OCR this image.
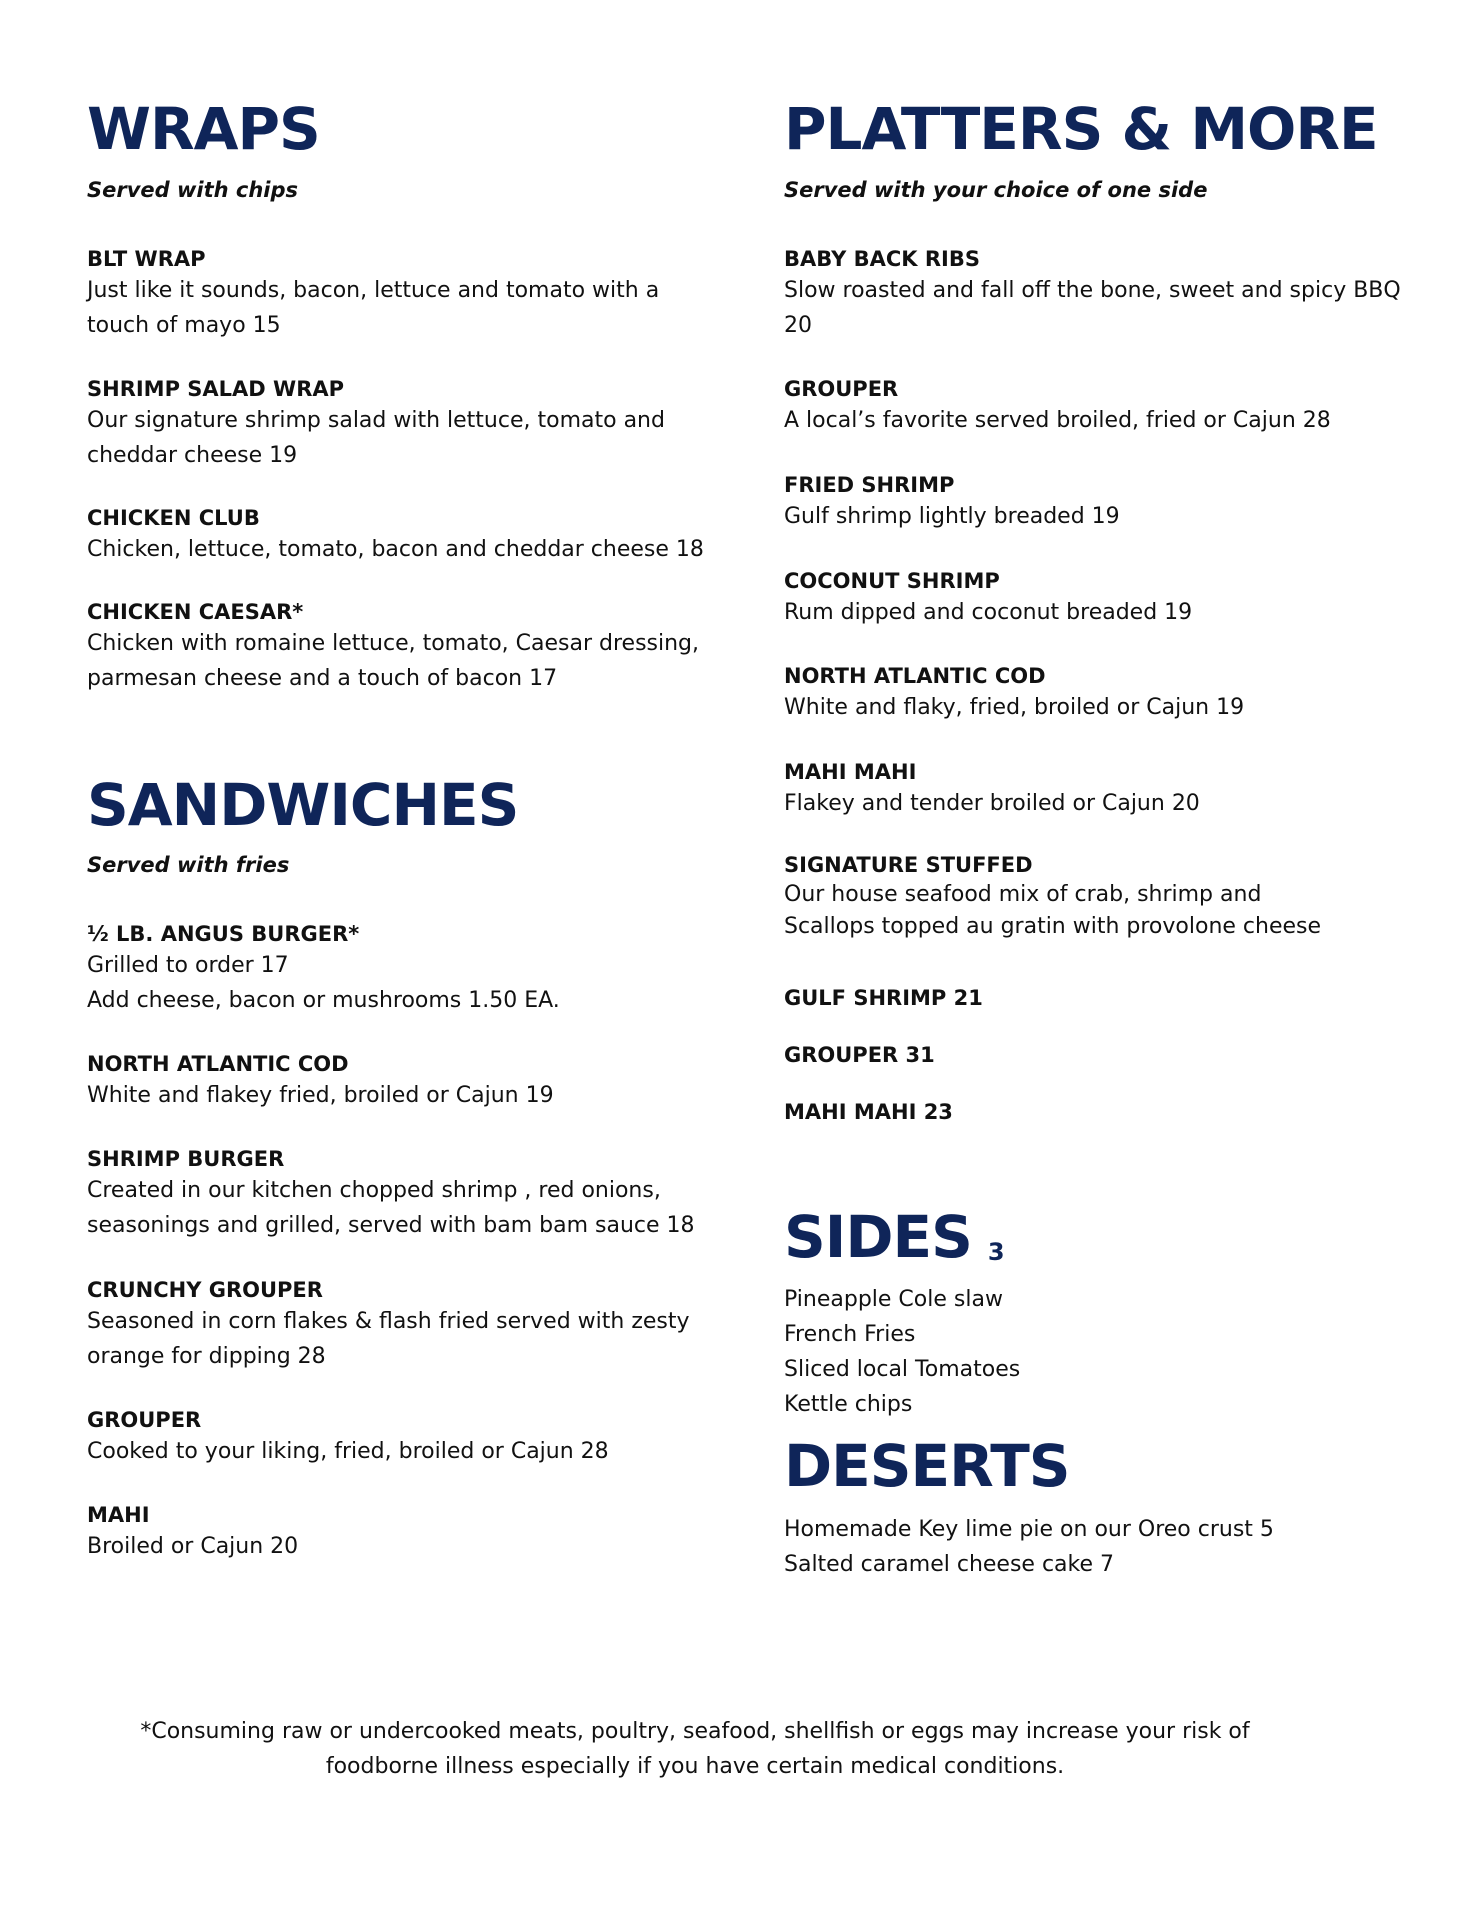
WRAPS

Served with chips

BLT WRAP

Just like it sounds, bacon, lettuce and tomato with a touch of mayo 15

SHRIMP SALAD WRAP

Our signature shrimp salad with lettuce, tomato and cheddar cheese 19

CHICKEN CLUB

Chicken, lettuce, tomato, bacon and cheddar cheese 18

CHICKEN CAESAR*

Chicken with romaine lettuce, tomato, Caesar dressing, parmesan cheese and a touch of bacon 17

SANDWICHES

Served with fries

½ LB. ANGUS BURGER*

Grilled to order 17

Add cheese, bacon or mushrooms 1.50 EA.

NORTH ATLANTIC COD

White and flakey fried, broiled or Cajun 19

SHRIMP BURGER

Created in our kitchen chopped shrimp , red onions, seasonings and grilled, served with bam bam sauce 18

CRUNCHY GROUPER

Seasoned in corn flakes & flash fried served with zesty orange for dipping 28

GROUPER

Cooked to your liking, fried, broiled or Cajun 28

MAHI

Broiled or Cajun 20

PLATTERS & MORE

Served with your choice of one side

BABY BACK RIBS

Slow roasted and fall off the bone, sweet and spicy BBQ

20

GROUPER

A local’s favorite served broiled, fried or Cajun 28

FRIED SHRIMP

Gulf shrimp lightly breaded 19

COCONUT SHRIMP

Rum dipped and coconut breaded 19

NORTH ATLANTIC COD

White and flaky, fried, broiled or Cajun 19

MAHI MAHI

Flakey and tender broiled or Cajun 20

SIGNATURE STUFFED

Our house seafood mix of crab, shrimp and

Scallops topped au gratin with provolone cheese

GULF SHRIMP 21

GROUPER 31

MAHI MAHI 23

SIDES 3

Pineapple Cole slaw

French Fries

Sliced local Tomatoes

Kettle chips

DESERTS

Homemade Key lime pie on our Oreo crust 5

Salted caramel cheese cake 7

*Consuming raw or undercooked meats, poultry, seafood, shellfish or eggs may increase your risk of
foodborne illness especially if you have certain medical conditions.
